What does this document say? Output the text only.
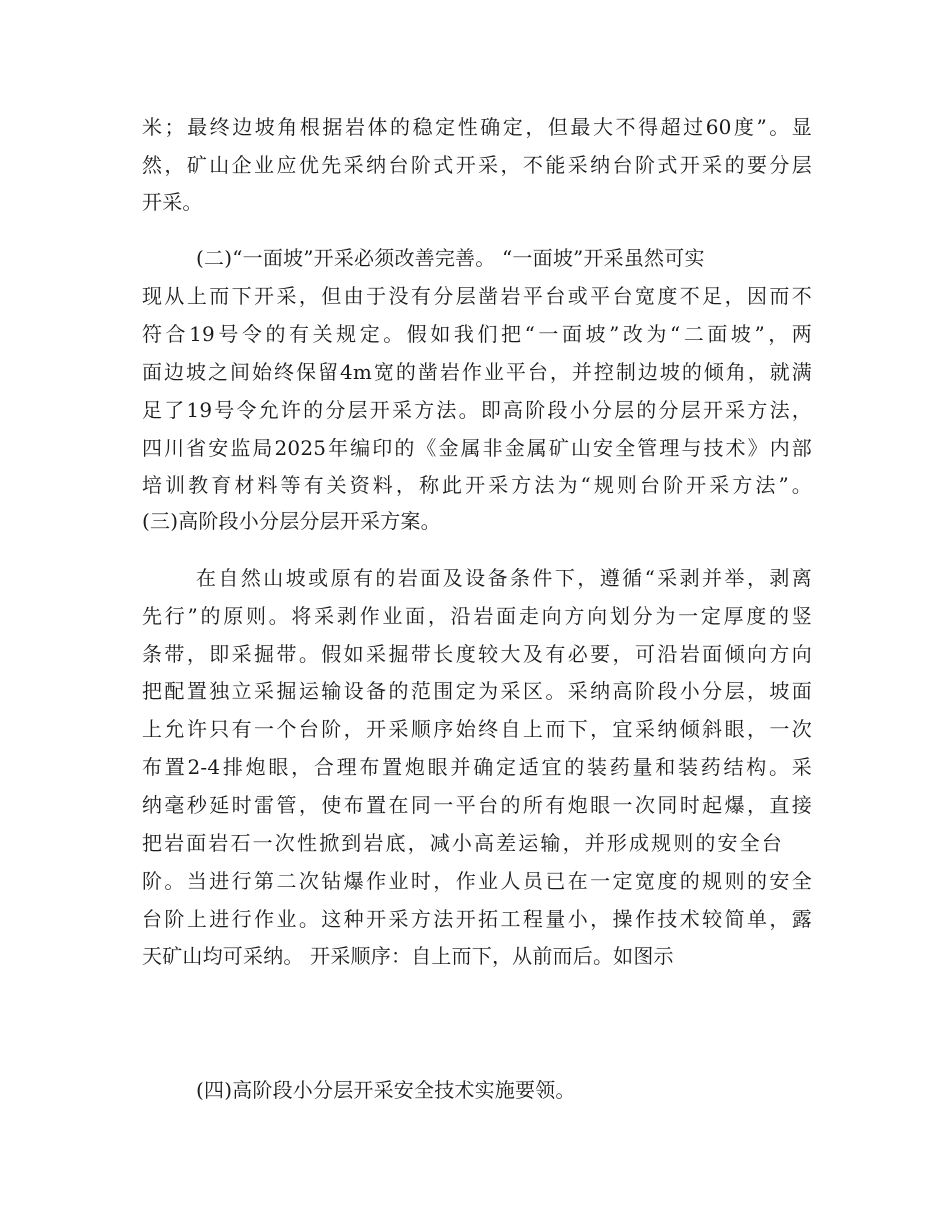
米；最终边坡角根据岩体的稳定性确定，但最大不得超过60度”。显
然，矿山企业应优先采纳台阶式开采，不能采纳台阶式开采的要分层
开采。
(二)“一面坡”开采必须改善完善。 “一面坡”开采虽然可实
现从上而下开采，但由于没有分层凿岩平台或平台宽度不足，因而不
符合19号令的有关规定。假如我们把“一面坡”改为“二面坡”，两
面边坡之间始终保留4m宽的凿岩作业平台，并控制边坡的倾角，就满
足了19号令允许的分层开采方法。即高阶段小分层的分层开采方法，
四川省安监局2025年编印的《金属非金属矿山安全管理与技术》内部
培训教育材料等有关资料，称此开采方法为“规则台阶开采方法”。
(三)高阶段小分层分层开采方案。
在自然山坡或原有的岩面及设备条件下，遵循“采剥并举，剥离
先行”的原则。将采剥作业面，沿岩面走向方向划分为一定厚度的竖
条带，即采掘带。假如采掘带长度较大及有必要，可沿岩面倾向方向
把配置独立采掘运输设备的范围定为采区。采纳高阶段小分层，坡面
上允许只有一个台阶，开采顺序始终自上而下，宜采纳倾斜眼，一次
布置2-4排炮眼，合理布置炮眼并确定适宜的装药量和装药结构。采
纳毫秒延时雷管，使布置在同一平台的所有炮眼一次同时起爆，直接
把岩面岩石一次性掀到岩底，减小高差运输，并形成规则的安全台
阶。当进行第二次钻爆作业时，作业人员已在一定宽度的规则的安全
台阶上进行作业。这种开采方法开拓工程量小，操作技术较简单，露
天矿山均可采纳。 开采顺序：自上而下，从前而后。如图示
(四)高阶段小分层开采安全技术实施要领。
